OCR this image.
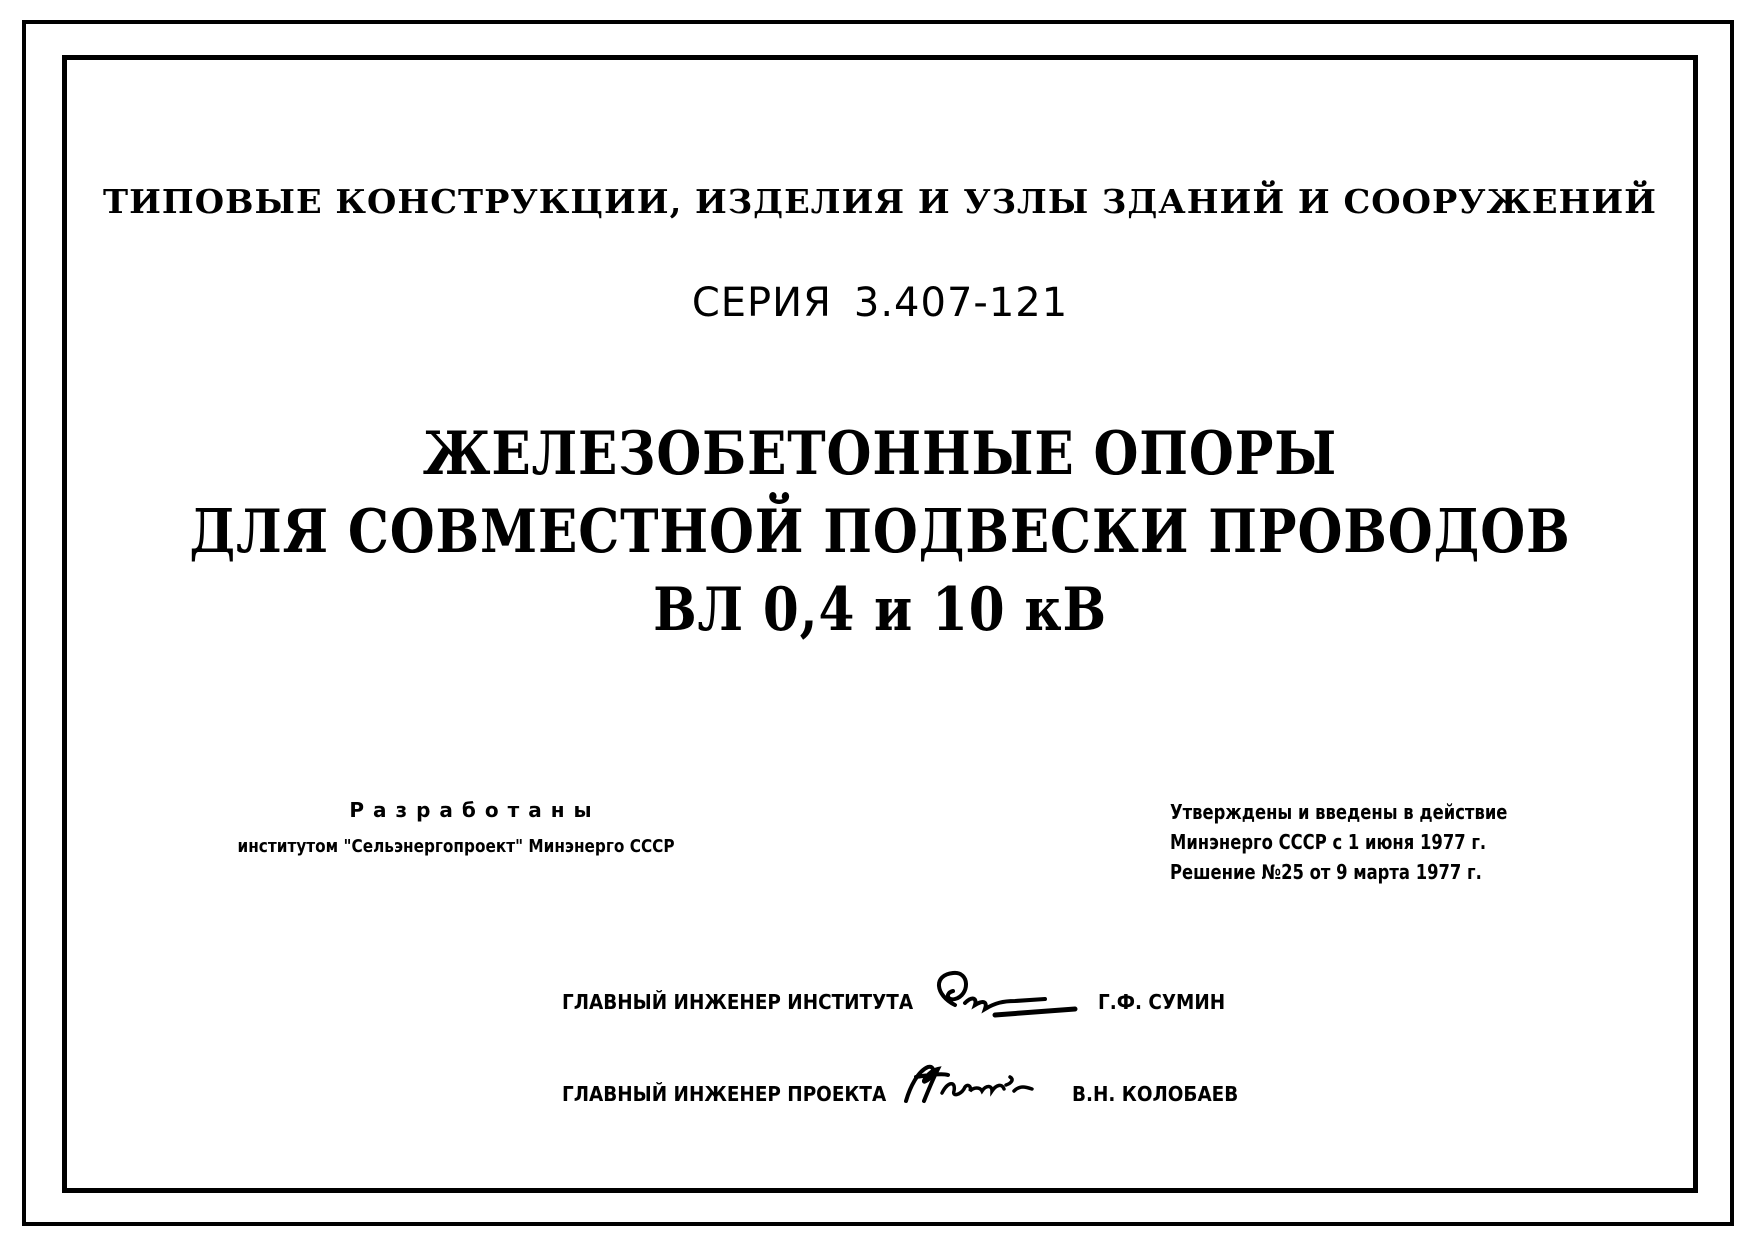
ТИПОВЫЕ КОНСТРУКЦИИ, ИЗДЕЛИЯ И УЗЛЫ ЗДАНИЙ И СООРУЖЕНИЙ
СЕРИЯ 3.407-121
ЖЕЛЕЗОБЕТОННЫЕ ОПОРЫ
ДЛЯ СОВМЕСТНОЙ ПОДВЕСКИ ПРОВОДОВ
ВЛ 0,4 и 10 кВ
Разработаны
институтом "Сельэнергопроект" Минэнерго СССР
Утверждены и введены в действие
Минэнерго СССР с 1 июня 1977 г.
Решение №25 от 9 марта 1977 г.
ГЛАВНЫЙ ИНЖЕНЕР ИНСТИТУТА	Г.Ф. СУМИН
ГЛАВНЫЙ ИНЖЕНЕР ПРОЕКТА	В.Н. КОЛОБАЕВ
